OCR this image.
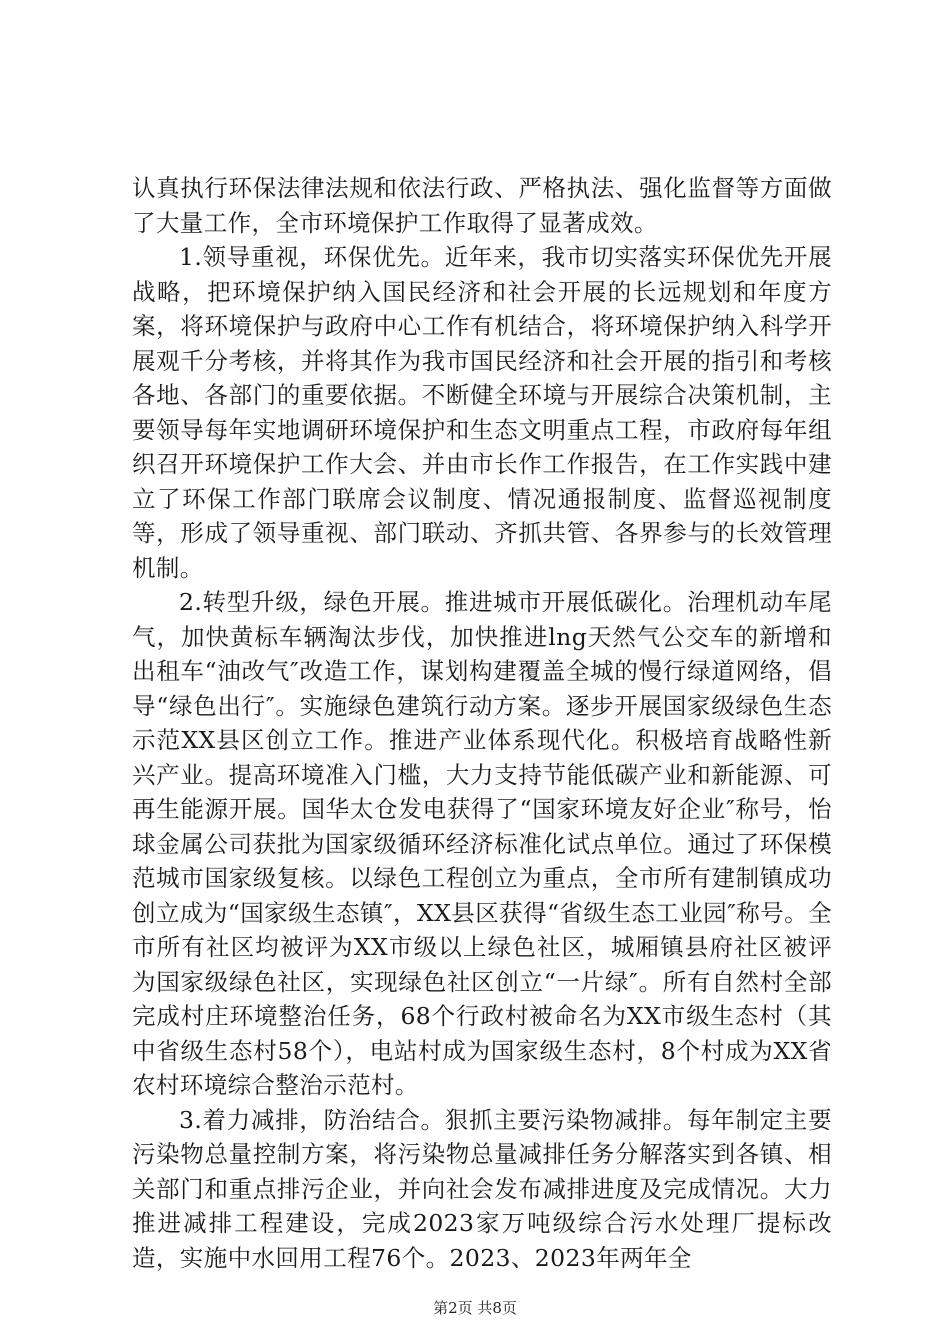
认真执行环保法律法规和依法行政、严格执法、强化监督等方面做了大量工作，全市环境保护工作取得了显著成效。

1.领导重视，环保优先。近年来，我市切实落实环保优先开展战略，把环境保护纳入国民经济和社会开展的长远规划和年度方案，将环境保护与政府中心工作有机结合，将环境保护纳入科学开展观千分考核，并将其作为我市国民经济和社会开展的指引和考核各地、各部门的重要依据。不断健全环境与开展综合决策机制，主要领导每年实地调研环境保护和生态文明重点工程，市政府每年组织召开环境保护工作大会、并由市长作工作报告，在工作实践中建立了环保工作部门联席会议制度、情况通报制度、监督巡视制度等，形成了领导重视、部门联动、齐抓共管、各界参与的长效管理机制。

2.转型升级，绿色开展。推进城市开展低碳化。治理机动车尾气，加快黄标车辆淘汰步伐，加快推进lng天然气公交车的新增和出租车“油改气″改造工作，谋划构建覆盖全城的慢行绿道网络，倡导“绿色出行″。实施绿色建筑行动方案。逐步开展国家级绿色生态示范XX县区创立工作。推进产业体系现代化。积极培育战略性新兴产业。提高环境准入门槛，大力支持节能低碳产业和新能源、可再生能源开展。国华太仓发电获得了“国家环境友好企业″称号，怡球金属公司获批为国家级循环经济标准化试点单位。通过了环保模范城市国家级复核。以绿色工程创立为重点，全市所有建制镇成功创立成为“国家级生态镇″，XX县区获得“省级生态工业园″称号。全市所有社区均被评为XX市级以上绿色社区，城厢镇县府社区被评为国家级绿色社区，实现绿色社区创立“一片绿″。所有自然村全部完成村庄环境整治任务，68个行政村被命名为XX市级生态村（其中省级生态村58个），电站村成为国家级生态村，8个村成为XX省农村环境综合整治示范村。

3.着力减排，防治结合。狠抓主要污染物减排。每年制定主要污染物总量控制方案，将污染物总量减排任务分解落实到各镇、相关部门和重点排污企业，并向社会发布减排进度及完成情况。大力推进减排工程建设，完成2023家万吨级综合污水处理厂提标改造，实施中水回用工程76个。2023、2023年两年全

第2页 共8页
